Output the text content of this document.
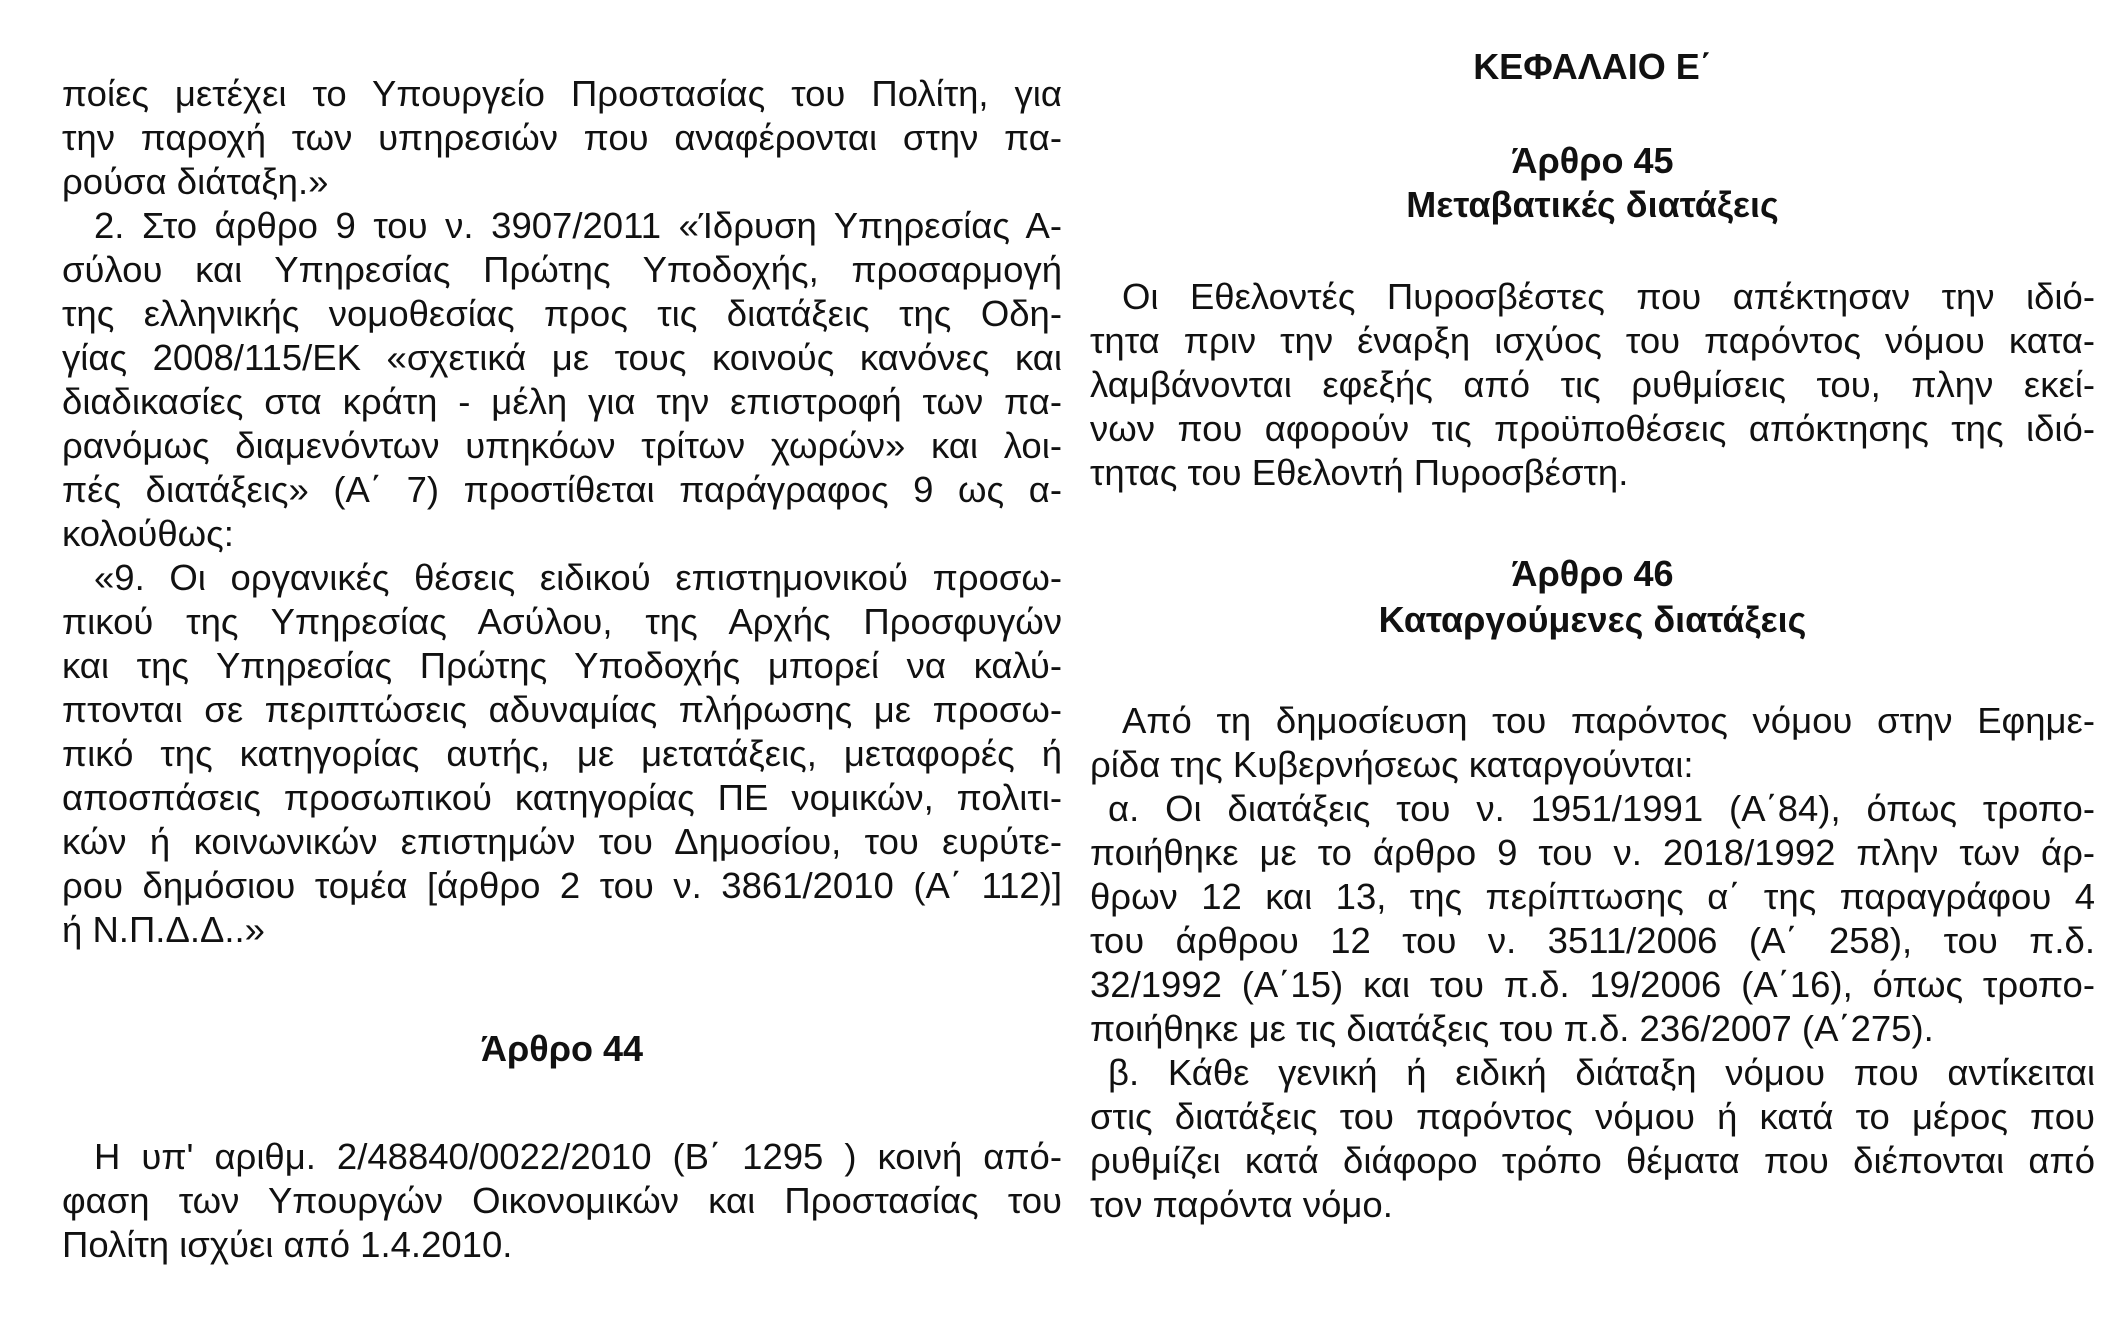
ποίες μετέχει το Υπουργείο Προστασίας του Πολίτη, για
την παροχή των υπηρεσιών που αναφέρονται στην πα-
ρούσα διάταξη.»
2. Στο άρθρο 9 του ν. 3907/2011 «Ίδρυση Υπηρεσίας Α-
σύλου και Υπηρεσίας Πρώτης Υποδοχής, προσαρμογή
της ελληνικής νομοθεσίας προς τις διατάξεις της Οδη-
γίας 2008/115/ΕΚ «σχετικά με τους κοινούς κανόνες και
διαδικασίες στα κράτη - μέλη για την επιστροφή των πα-
ρανόμως διαμενόντων υπηκόων τρίτων χωρών» και λοι-
πές διατάξεις» (Α΄ 7) προστίθεται παράγραφος 9 ως α-
κολούθως:
«9. Οι οργανικές θέσεις ειδικού επιστημονικού προσω-
πικού της Υπηρεσίας Ασύλου, της Αρχής Προσφυγών
και της Υπηρεσίας Πρώτης Υποδοχής μπορεί να καλύ-
πτονται σε περιπτώσεις αδυναμίας πλήρωσης με προσω-
πικό της κατηγορίας αυτής, με μετατάξεις, μεταφορές ή
αποσπάσεις προσωπικού κατηγορίας ΠΕ νομικών, πολιτι-
κών ή κοινωνικών επιστημών του Δημοσίου, του ευρύτε-
ρου δημόσιου τομέα [άρθρο 2 του ν. 3861/2010 (Α΄ 112)]
ή Ν.Π.Δ.Δ..»
Άρθρο 44
Η υπ' αριθμ. 2/48840/0022/2010 (Β΄ 1295 ) κοινή από-
φαση των Υπουργών Οικονομικών και Προστασίας του
Πολίτη ισχύει από 1.4.2010.
ΚΕΦΑΛΑΙΟ Ε΄
Άρθρο 45
Μεταβατικές διατάξεις
Οι Εθελοντές Πυροσβέστες που απέκτησαν την ιδιό-
τητα πριν την έναρξη ισχύος του παρόντος νόμου κατα-
λαμβάνονται εφεξής από τις ρυθμίσεις του, πλην εκεί-
νων που αφορούν τις προϋποθέσεις απόκτησης της ιδιό-
τητας του Εθελοντή Πυροσβέστη.
Άρθρο 46
Καταργούμενες διατάξεις
Από τη δημοσίευση του παρόντος νόμου στην Εφημε-
ρίδα της Κυβερνήσεως καταργούνται:
α. Οι διατάξεις του ν. 1951/1991 (Α΄84), όπως τροπο-
ποιήθηκε με το άρθρο 9 του ν. 2018/1992 πλην των άρ-
θρων 12 και 13, της περίπτωσης α΄ της παραγράφου 4
του άρθρου 12 του ν. 3511/2006 (Α΄ 258), του π.δ.
32/1992 (Α΄15) και του π.δ. 19/2006 (Α΄16), όπως τροπο-
ποιήθηκε με τις διατάξεις του π.δ. 236/2007 (Α΄275).
β. Κάθε γενική ή ειδική διάταξη νόμου που αντίκειται
στις διατάξεις του παρόντος νόμου ή κατά το μέρος που
ρυθμίζει κατά διάφορο τρόπο θέματα που διέπονται από
τον παρόντα νόμο.
